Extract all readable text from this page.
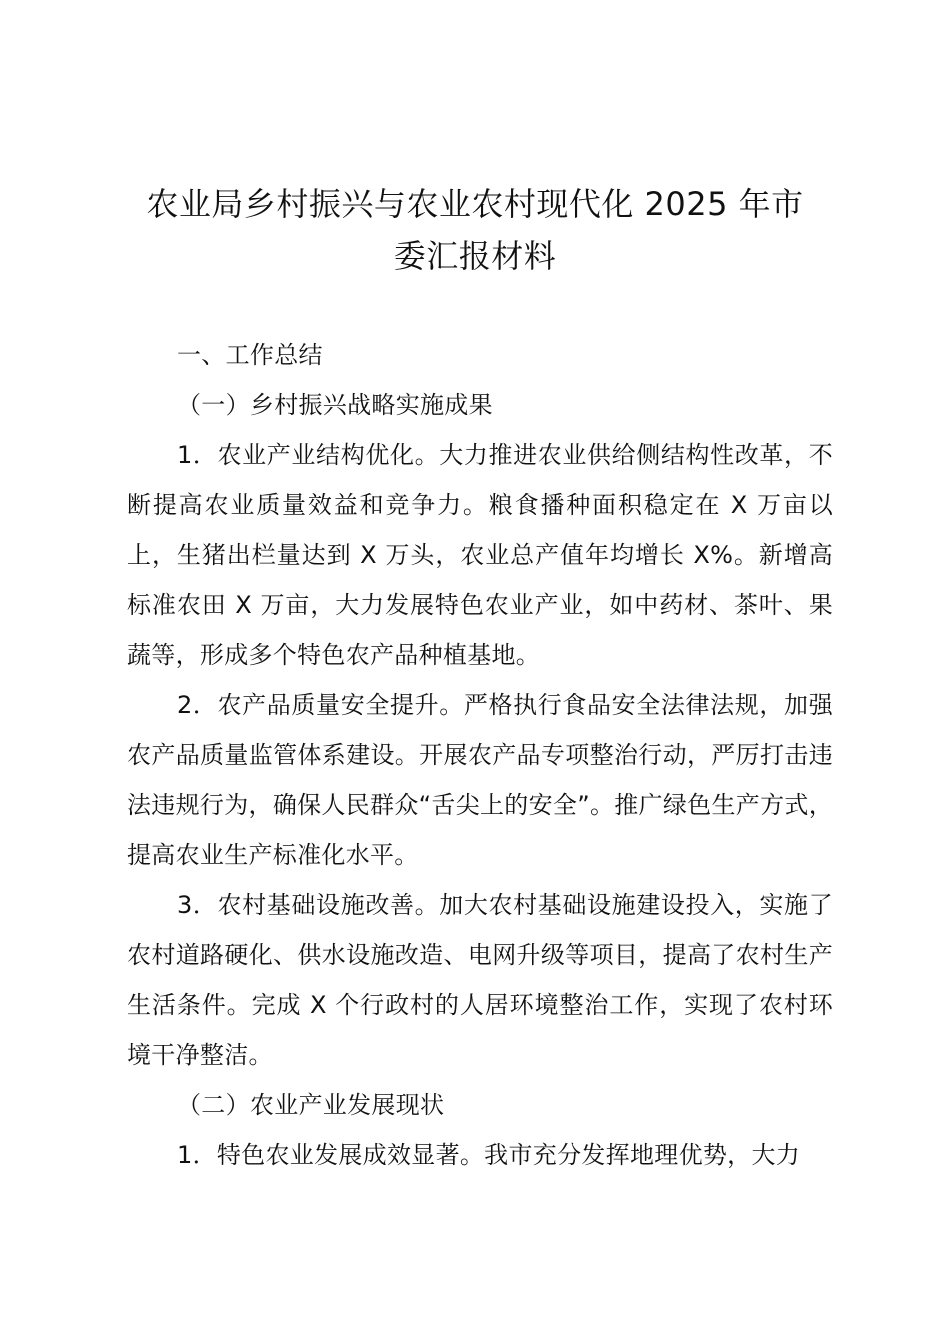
农业局乡村振兴与农业农村现代化 2025 年市
委汇报材料

一、工作总结

（一）乡村振兴战略实施成果

1．农业产业结构优化。大力推进农业供给侧结构性改革，不断提高农业质量效益和竞争力。粮食播种面积稳定在 X 万亩以上，生猪出栏量达到 X 万头，农业总产值年均增长 X%。新增高标准农田 X 万亩，大力发展特色农业产业，如中药材、茶叶、果蔬等，形成多个特色农产品种植基地。

2．农产品质量安全提升。严格执行食品安全法律法规，加强农产品质量监管体系建设。开展农产品专项整治行动，严厉打击违法违规行为，确保人民群众“舌尖上的安全”。推广绿色生产方式，提高农业生产标准化水平。

3．农村基础设施改善。加大农村基础设施建设投入，实施了农村道路硬化、供水设施改造、电网升级等项目，提高了农村生产生活条件。完成 X 个行政村的人居环境整治工作，实现了农村环境干净整洁。

（二）农业产业发展现状

1．特色农业发展成效显著。我市充分发挥地理优势，大力
